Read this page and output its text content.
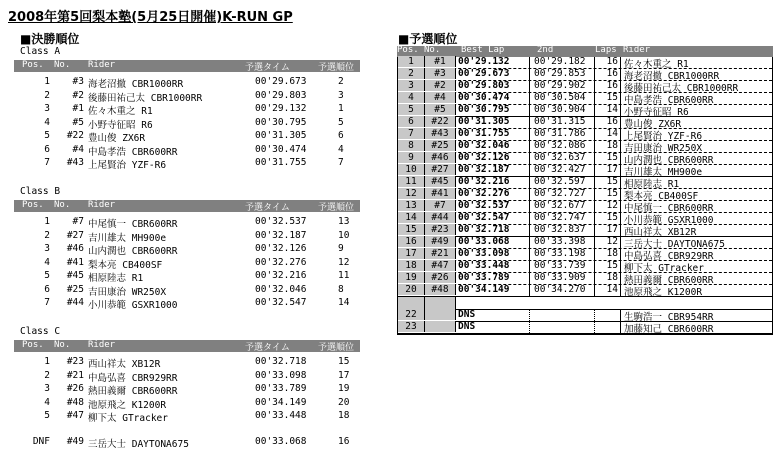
2008年第5回梨本塾(5月25日開催)K-RUN GP
■決勝順位
Class A
Pos. No. Rider	予選タイム	予選順位
1	#3 海老沼撤 CBR1000RR	00'29.673	2
2	#2 後藤田祐己太 CBR1000RR	00'29.803	3
3	#1 佐々木重之 R1	00'29.132	1
4	#5 小野寺征昭 R6	00'30.795	5
5	#22 豊山俊 ZX6R	00'31.305	6
6	#4 中島孝浩 CBR600RR	00'30.474	4
7	#43 上尾賢治 YZF-R6	00'31.755	7
Class B
Pos. No. Rider	予選タイム	予選順位
1	#7 中尾慎一 CBR600RR	00'32.537	13
2	#27 吉川雄太 MH900e	00'32.187	10
3	#46 山内潤也 CBR600RR	00'32.126	9
4	#41 梨本亮 CB400SF	00'32.276	12
5	#45 相原陸志 R1	00'32.216	11
6	#25 吉田康治 WR250X	00'32.046	8
7	#44 小川恭範 GSXR1000	00'32.547	14
Class C
Pos. No. Rider	予選タイム	予選順位
1	#23 西山祥太 XB12R	00'32.718	15
2	#21 中島弘喜 CBR929RR	00'33.098	17
3	#26 熱田義爾 CBR600RR	00'33.789	19
4	#48 池原飛之 K1200R	00'34.149	20
5	#47 柳下太 GTracker	00'33.448	18
DNF	#49 三岳大士 DAYTONA675	00'33.068	16
■予選順位
Pos. No. Best Lap	2nd	Laps Rider
1	#1	00'29.132	00'29.182	16 佐々木重之 R1
2	#3	00'29.673	00'29.853	16 海老沼撤 CBR1000RR
3	#2	00'29.803	00'29.902	16 後藤田祐己太 CBR1000RR
4	#4	00'30.474	00'30.504	15 中島孝浩 CBR600RR
5	#5	00'30.795	00'30.904	14 小野寺征昭 R6
6	#22 00'31.305	00'31.315	16 豊山俊 ZX6R
7	#43 00'31.755	00'31.786	14 上尾賢治 YZF-R6
8	#25 00'32.046	00'32.086	18 吉田康治 WR250X
9	#46 00'32.126	00'32.637	15 山内潤也 CBR600RR
10	#27 00'32.187	00'32.427	17 吉川雄太 MH900e
11	#45 00'32.216	00'32.597	15 相原陸志 R1
12	#41 00'32.276	00'32.727	15 梨本亮 CB400SF
13	#7	00'32.537	00'32.677	12 中尾慎一 CBR600RR
14	#44 00'32.547	00'32.747	15 小川恭範 GSXR1000
15	#23 00'32.718	00'32.837	17 西山祥太 XB12R
16	#49 00'33.068	00'33.398	12 三岳大士 DAYTONA675
17	#21 00'33.098	00'33.198	18 中島弘喜 CBR929RR
18	#47 00'33.448	00'33.739	15 柳下太 GTracker
19	#26 00'33.789	00'33.909	18 熱田義爾 CBR600RR
20	#48 00'34.149	00'34.270	14 池原飛之 K1200R
22	DNS	生駒浩一 CBR954RR
23	DNS	加藤知己 CBR600RR
